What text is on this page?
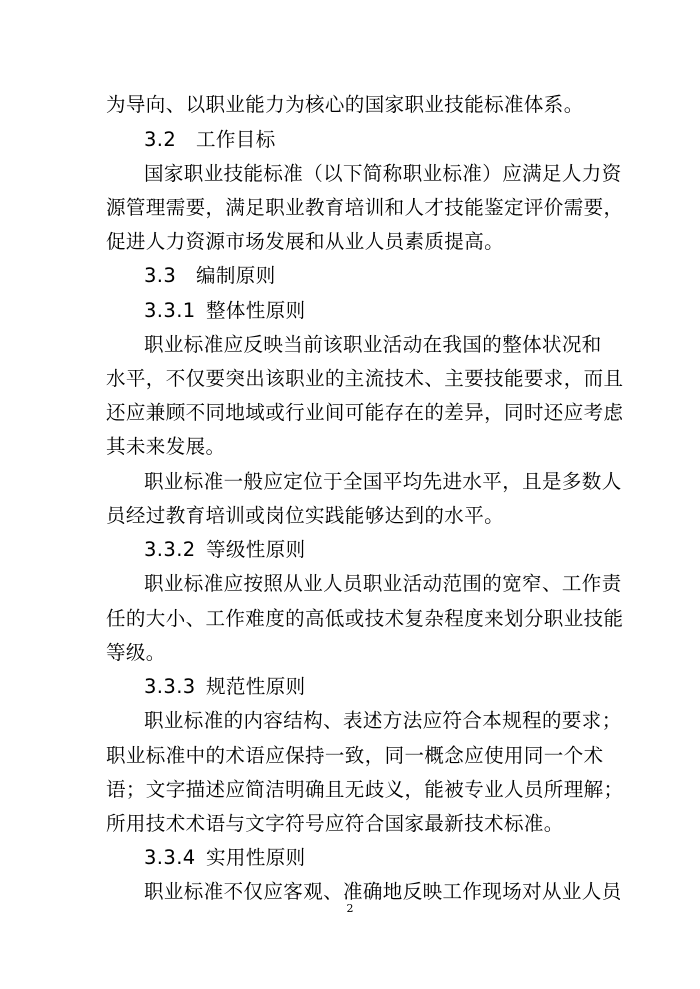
为导向、以职业能力为核心的国家职业技能标准体系。
3.2 工作目标
国家职业技能标准（以下简称职业标准）应满足人力资
源管理需要，满足职业教育培训和人才技能鉴定评价需要，
促进人力资源市场发展和从业人员素质提高。
3.3 编制原则
3.3.1 整体性原则
职业标准应反映当前该职业活动在我国的整体状况和
水平，不仅要突出该职业的主流技术、主要技能要求，而且
还应兼顾不同地域或行业间可能存在的差异，同时还应考虑
其未来发展。
职业标准一般应定位于全国平均先进水平，且是多数人
员经过教育培训或岗位实践能够达到的水平。
3.3.2 等级性原则
职业标准应按照从业人员职业活动范围的宽窄、工作责
任的大小、工作难度的高低或技术复杂程度来划分职业技能
等级。
3.3.3 规范性原则
职业标准的内容结构、表述方法应符合本规程的要求；
职业标准中的术语应保持一致，同一概念应使用同一个术
语；文字描述应简洁明确且无歧义，能被专业人员所理解；
所用技术术语与文字符号应符合国家最新技术标准。
3.3.4 实用性原则
职业标准不仅应客观、准确地反映工作现场对从业人员
2
